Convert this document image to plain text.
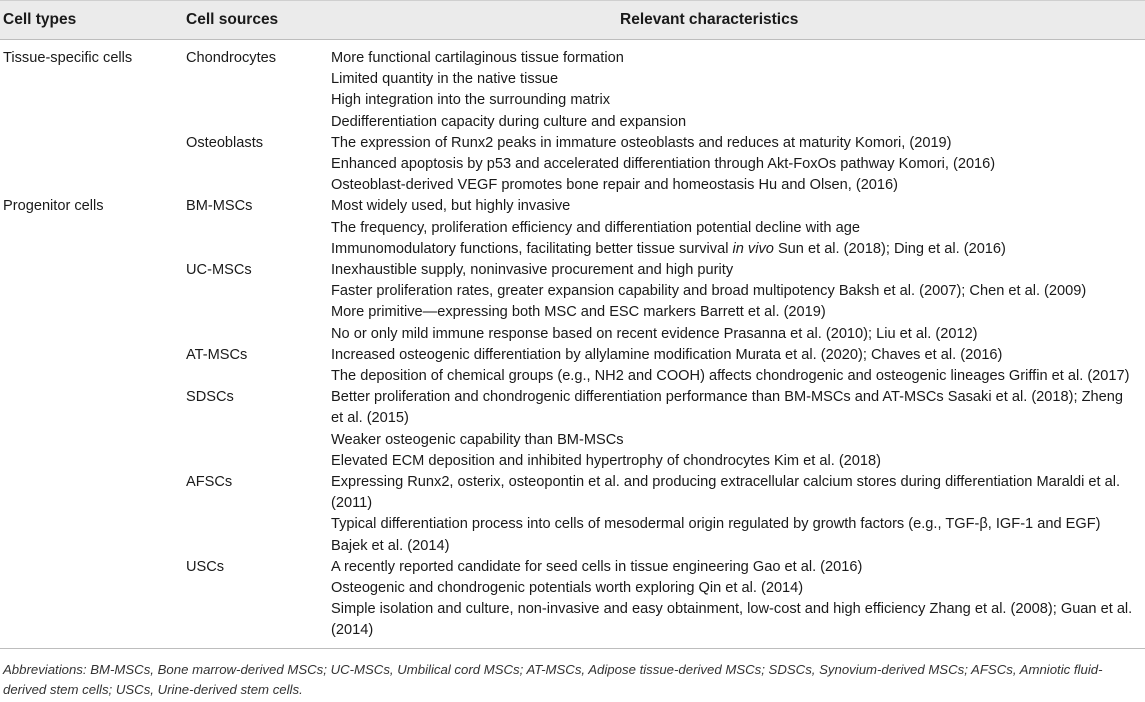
Cell types	Cell sources	Relevant characteristics
Tissue-specific cells	Chondrocytes	More functional cartilaginous tissue formation
Limited quantity in the native tissue
High integration into the surrounding matrix
Dedifferentiation capacity during culture and expansion
Osteoblasts	The expression of Runx2 peaks in immature osteoblasts and reduces at maturity Komori, (2019)
Enhanced apoptosis by p53 and accelerated differentiation through Akt-FoxOs pathway Komori, (2016)
Osteoblast-derived VEGF promotes bone repair and homeostasis Hu and Olsen, (2016)
Progenitor cells	BM-MSCs	Most widely used, but highly invasive
The frequency, proliferation efficiency and differentiation potential decline with age
Immunomodulatory functions, facilitating better tissue survival in vivo Sun et al. (2018); Ding et al. (2016)
UC-MSCs	Inexhaustible supply, noninvasive procurement and high purity
Faster proliferation rates, greater expansion capability and broad multipotency Baksh et al. (2007); Chen et al. (2009)
More primitive—expressing both MSC and ESC markers Barrett et al. (2019)
No or only mild immune response based on recent evidence Prasanna et al. (2010); Liu et al. (2012)
AT-MSCs	Increased osteogenic differentiation by allylamine modification Murata et al. (2020); Chaves et al. (2016)
The deposition of chemical groups (e.g., NH2 and COOH) affects chondrogenic and osteogenic lineages Griffin et al. (2017)
SDSCs	Better proliferation and chondrogenic differentiation performance than BM-MSCs and AT-MSCs Sasaki et al. (2018); Zheng
et al. (2015)
Weaker osteogenic capability than BM-MSCs
Elevated ECM deposition and inhibited hypertrophy of chondrocytes Kim et al. (2018)
AFSCs	Expressing Runx2, osterix, osteopontin et al. and producing extracellular calcium stores during differentiation Maraldi et al.
(2011)
Typical differentiation process into cells of mesodermal origin regulated by growth factors (e.g., TGF-β, IGF-1 and EGF)
Bajek et al. (2014)
USCs	A recently reported candidate for seed cells in tissue engineering Gao et al. (2016)
Osteogenic and chondrogenic potentials worth exploring Qin et al. (2014)
Simple isolation and culture, non-invasive and easy obtainment, low-cost and high efficiency Zhang et al. (2008); Guan et al.
(2014)
Abbreviations: BM-MSCs, Bone marrow-derived MSCs; UC-MSCs, Umbilical cord MSCs; AT-MSCs, Adipose tissue-derived MSCs; SDSCs, Synovium-derived MSCs; AFSCs, Amniotic fluid-derived stem cells; USCs, Urine-derived stem cells.
